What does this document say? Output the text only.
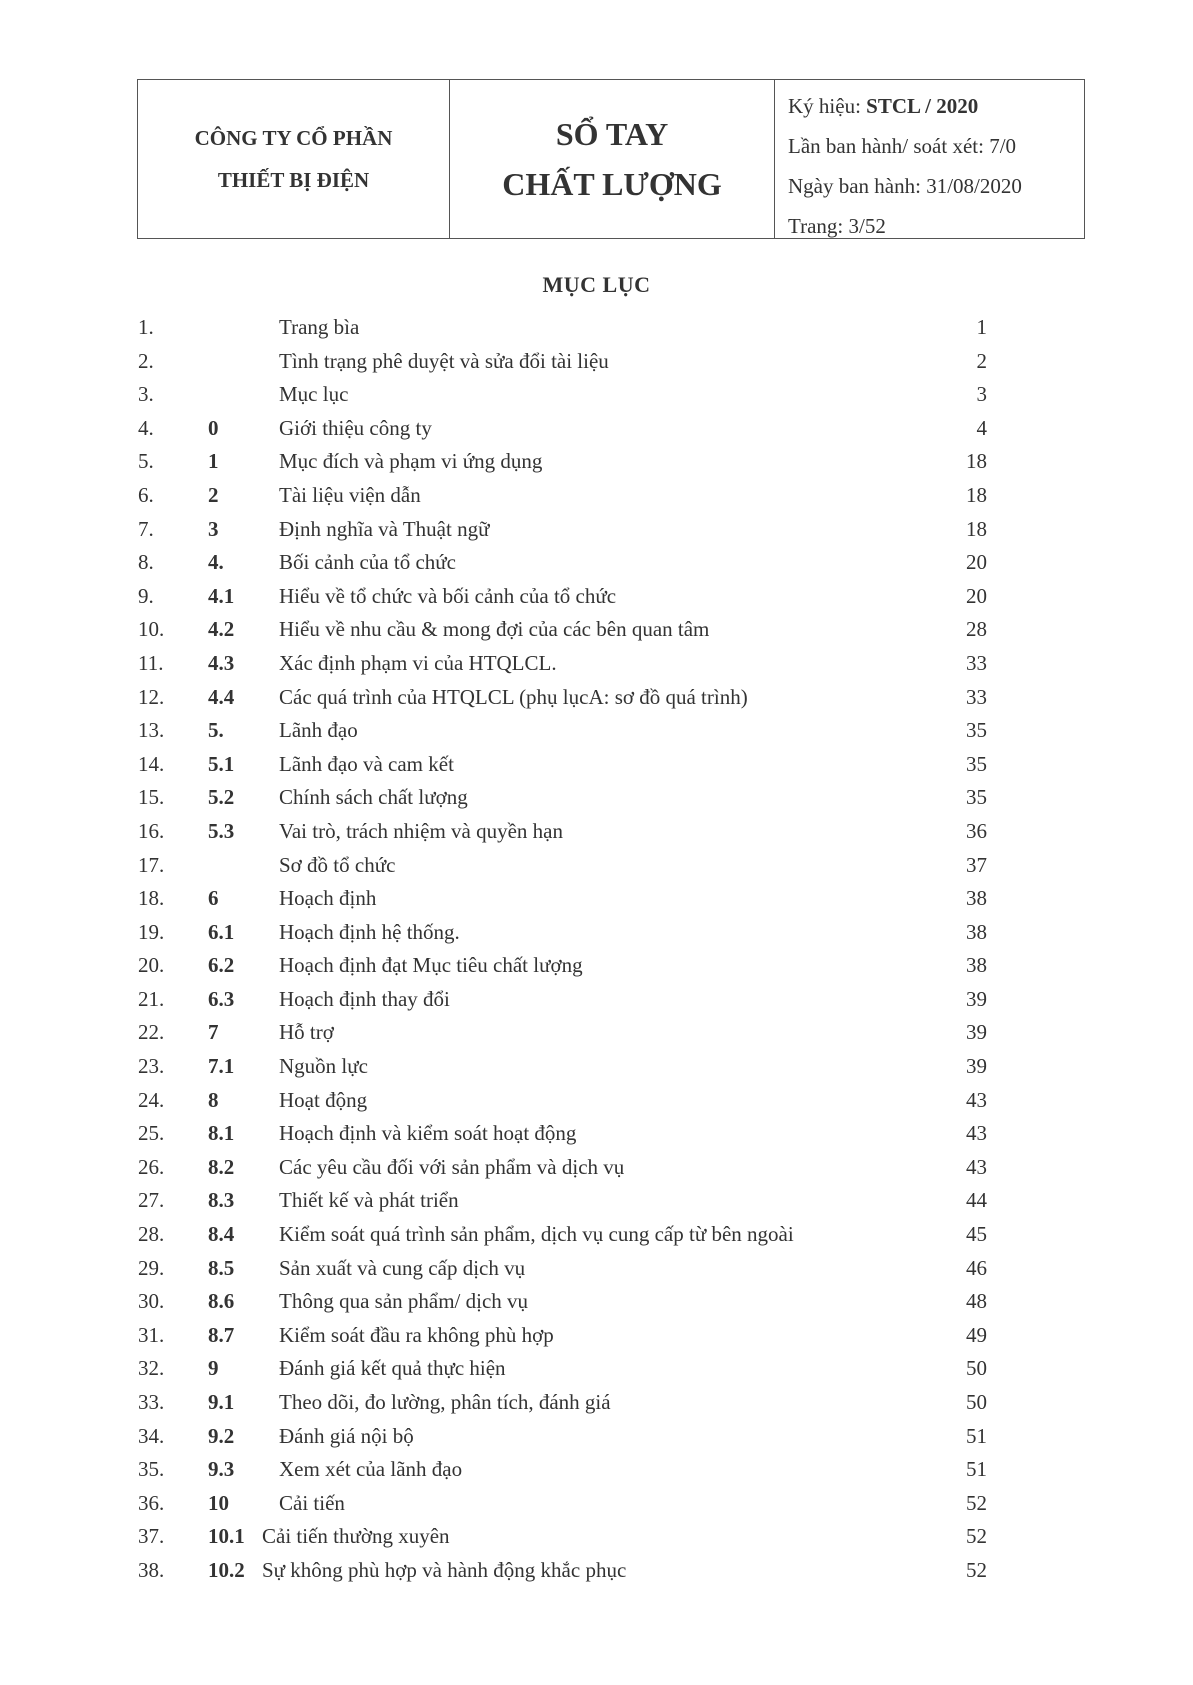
CÔNG TY CỔ PHẦN
THIẾT BỊ ĐIỆN
SỔ TAY
CHẤT LƯỢNG
Ký hiệu: STCL / 2020
Lần ban hành/ soát xét: 7/0
Ngày ban hành: 31/08/2020
Trang: 3/52
MỤC LỤC
1.	Trang bìa	1
2.	Tình trạng phê duyệt và sửa đổi tài liệu	2
3.	Mục lục	3
4.	0	Giới thiệu công ty	4
5.	1	Mục đích và phạm vi ứng dụng	18
6.	2	Tài liệu viện dẫn	18
7.	3	Định nghĩa và Thuật ngữ	18
8.	4.	Bối cảnh của tổ chức	20
9.	4.1 Hiểu về tổ chức và bối cảnh của tổ chức	20
10. 4.2 Hiểu về nhu cầu & mong đợi của các bên quan tâm	28
11. 4.3 Xác định phạm vi của HTQLCL.	33
12. 4.4 Các quá trình của HTQLCL (phụ lụcA: sơ đồ quá trình)	33
13. 5.	Lãnh đạo	35
14. 5.1 Lãnh đạo và cam kết	35
15. 5.2 Chính sách chất lượng	35
16. 5.3 Vai trò, trách nhiệm và quyền hạn	36
17.	Sơ đồ tổ chức	37
18. 6	Hoạch định	38
19. 6.1 Hoạch định hệ thống.	38
20. 6.2 Hoạch định đạt Mục tiêu chất lượng	38
21. 6.3 Hoạch định thay đổi	39
22. 7	Hỗ trợ	39
23. 7.1 Nguồn lực	39
24. 8	Hoạt động	43
25. 8.1 Hoạch định và kiểm soát hoạt động	43
26. 8.2 Các yêu cầu đối với sản phẩm và dịch vụ	43
27. 8.3 Thiết kế và phát triển	44
28. 8.4 Kiểm soát quá trình sản phẩm, dịch vụ cung cấp từ bên ngoài	45
29. 8.5 Sản xuất và cung cấp dịch vụ	46
30. 8.6 Thông qua sản phẩm/ dịch vụ	48
31. 8.7 Kiểm soát đầu ra không phù hợp	49
32. 9	Đánh giá kết quả thực hiện	50
33. 9.1 Theo dõi, đo lường, phân tích, đánh giá	50
34. 9.2 Đánh giá nội bộ	51
35. 9.3 Xem xét của lãnh đạo	51
36. 10 Cải tiến	52
37. 10.1 Cải tiến thường xuyên	52
38. 10.2 Sự không phù hợp và hành động khắc phục	52
